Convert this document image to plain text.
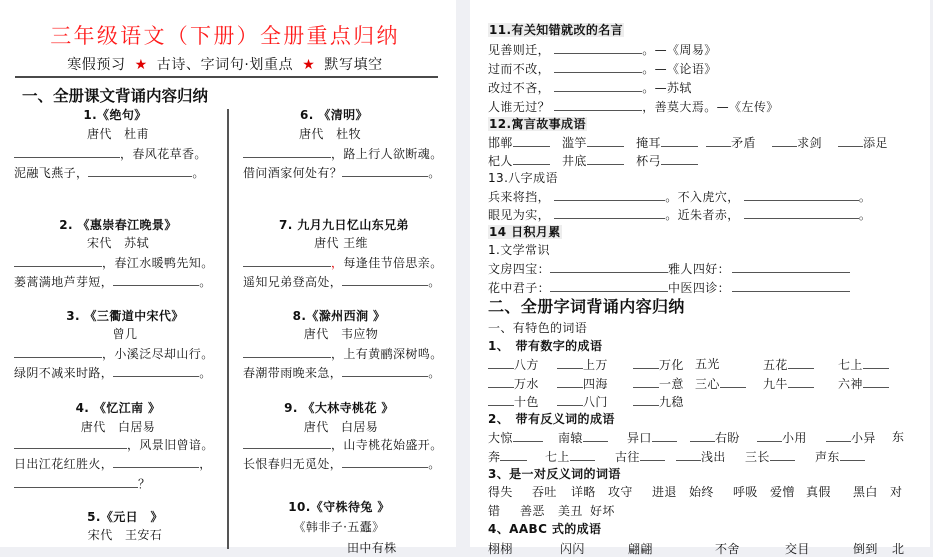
三年级语文（下册）全册重点归纳
寒假预习 ★ 古诗、字词句·划重点 ★ 默写填空
一、全册课文背诵内容归纳
1.《绝句》
唐代　杜甫
，春风花草香。
泥融飞燕子，	。
2. 《惠崇春江晚景》
宋代　苏轼
，春江水暖鸭先知。
蒌蒿满地芦芽短，	。
3. 《三衢道中宋代》
曾几
，小溪泛尽却山行。
绿阴不减来时路，	。
4. 《忆江南 》
唐代　白居易
，风景旧曾谙。
日出江花红胜火，	，
？
5.《元日　》
宋代　王安石
6. 《清明》
唐代　杜牧
，路上行人欲断魂。
借问酒家何处有？	。
7. 九月九日忆山东兄弟
唐代 王维
，每逢佳节倍思亲。
遥知兄弟登高处，	。
8.《滁州西涧 》
唐代　韦应物
，上有黄鹂深树鸣。
春潮带雨晚来急，	。
9. 《大林寺桃花 》
唐代　白居易
，山寺桃花始盛开。
长恨春归无觅处，	。
10.《守株待兔 》
《韩非子·五蠹》
田中有株
11.有关知错就改的名言
见善则迁，	。—《周易》
过而不改，	。—《论语》
改过不吝，	。—苏轼
人谁无过？	，善莫大焉。—《左传》
12.寓言故事成语
邯郸	滥竽	掩耳	矛盾	求剑	添足
杞人	井底	杯弓
13.八字成语
兵来将挡，	。不入虎穴，	。
眼见为实，	。近朱者赤，	。
14 日积月累
1.文学常识
文房四宝：	雅人四好：
花中君子：	中医四诊：
二、全册字词背诵内容归纳
一、有特色的词语
1、　带有数字的成语
八方	上万	万化 五光	五花	七上
万水	四海	一意 三心	九牛	六神
十色	八门	九稳
2、　带有反义词的成语
大惊	南辕	异口	右盼	小用	小异 东
奔	七上	古往	浅出 三长	声东
3、是一对反义词的词语
得失 吞吐 详略 攻守 进退 始终 呼吸 爱憎 真假 黑白 对
错 善恶 美丑 好坏
4、AABC 式的成语
栩栩	闪闪	翩翩	不舍	交目	倒到 北
